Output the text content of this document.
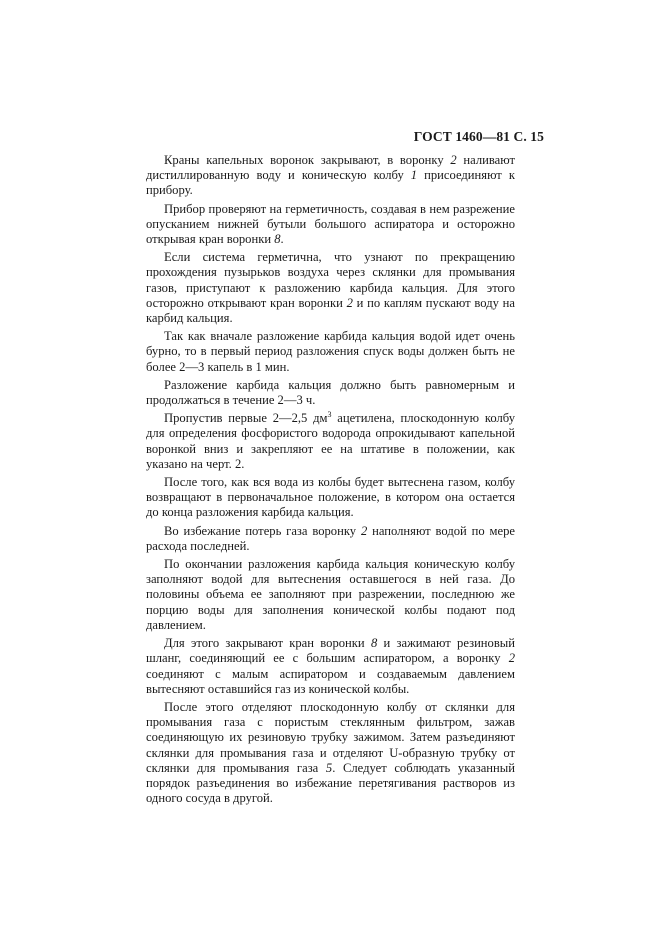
ГОСТ 1460—81 С. 15

Краны капельных воронок закрывают, в воронку 2 наливают дистиллированную воду и коническую колбу 1 присоединяют к прибору.

Прибор проверяют на герметичность, создавая в нем разрежение опусканием нижней бутыли большого аспиратора и осторожно открывая кран воронки 8.

Если система герметична, что узнают по прекращению прохождения пузырьков воздуха через склянки для промывания газов, приступают к разложению карбида кальция. Для этого осторожно открывают кран воронки 2 и по каплям пускают воду на карбид кальция.

Так как вначале разложение карбида кальция водой идет очень бурно, то в первый период разложения спуск воды должен быть не более 2—3 капель в 1 мин.

Разложение карбида кальция должно быть равномерным и продолжаться в течение 2—3 ч.

Пропустив первые 2—2,5 $дм^3$ ацетилена, плоскодонную колбу для определения фосфористого водорода опрокидывают капельной воронкой вниз и закрепляют ее на штативе в положении, как указано на черт. 2.

После того, как вся вода из колбы будет вытеснена газом, колбу возвращают в первоначальное положение, в котором она остается до конца разложения карбида кальция.

Во избежание потерь газа воронку 2 наполняют водой по мере расхода последней.

По окончании разложения карбида кальция коническую колбу заполняют водой для вытеснения оставшегося в ней газа. До половины объема ее заполняют при разрежении, последнюю же порцию воды для заполнения конической колбы подают под давлением.

Для этого закрывают кран воронки 8 и зажимают резиновый шланг, соединяющий ее с большим аспиратором, а воронку 2 соединяют с малым аспиратором и создаваемым давлением вытесняют оставшийся газ из конической колбы.

После этого отделяют плоскодонную колбу от склянки для промывания газа с пористым стеклянным фильтром, зажав соединяющую их резиновую трубку зажимом. Затем разъединяют склянки для промывания газа и отделяют U-образную трубку от склянки для промывания газа 5. Следует соблюдать указанный порядок разъединения во избежание перетягивания растворов из одного сосуда в другой.
